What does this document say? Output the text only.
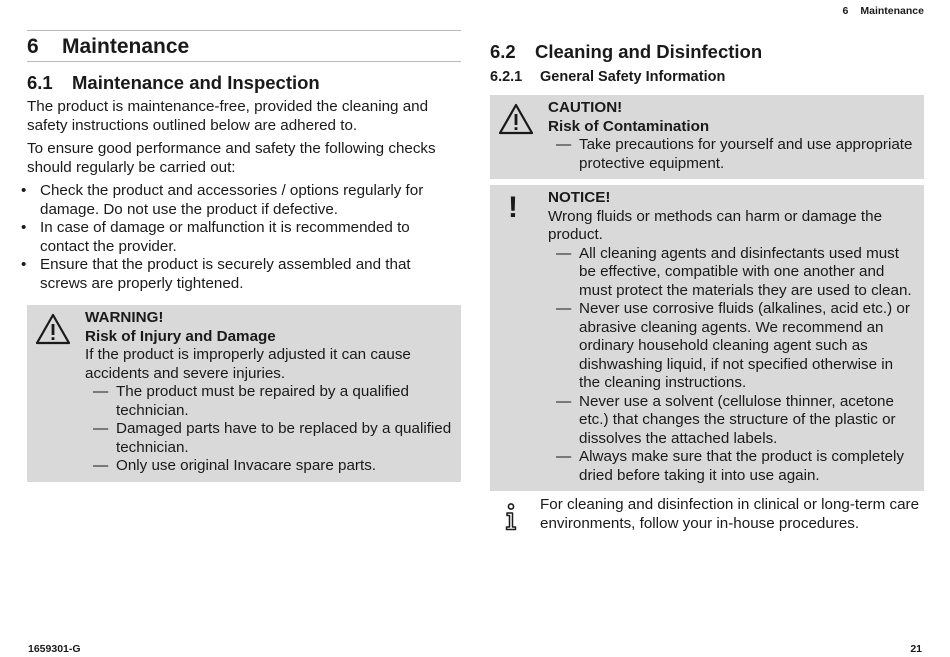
6 Maintenance
6 Maintenance
6.1 Maintenance and Inspection

The product is maintenance-free, provided the cleaning and safety instructions outlined below are adhered to.

To ensure good performance and safety the following checks should regularly be carried out:

• Check the product and accessories / options regularly for damage. Do not use the product if defective.
• In case of damage or malfunction it is recommended to contact the provider.
• Ensure that the product is securely assembled and that screws are properly tightened.
WARNING!
Risk of Injury and Damage
If the product is improperly adjusted it can cause accidents and severe injuries.
— The product must be repaired by a qualified technician.
— Damaged parts have to be replaced by a qualified technician.
— Only use original Invacare spare parts.
6.2 Cleaning and Disinfection
6.2.1 General Safety Information
CAUTION!
Risk of Contamination
— Take precautions for yourself and use appropriate protective equipment.
! NOTICE!
Wrong fluids or methods can harm or damage the product.
— All cleaning agents and disinfectants used must be effective, compatible with one another and must protect the materials they are used to clean.
— Never use corrosive fluids (alkalines, acid etc.) or abrasive cleaning agents. We recommend an ordinary household cleaning agent such as dishwashing liquid, if not specified otherwise in the cleaning instructions.
— Never use a solvent (cellulose thinner, acetone etc.) that changes the structure of the plastic or dissolves the attached labels.
— Always make sure that the product is completely dried before taking it into use again.
For cleaning and disinfection in clinical or long-term care environments, follow your in-house procedures.
1659301-G	21
